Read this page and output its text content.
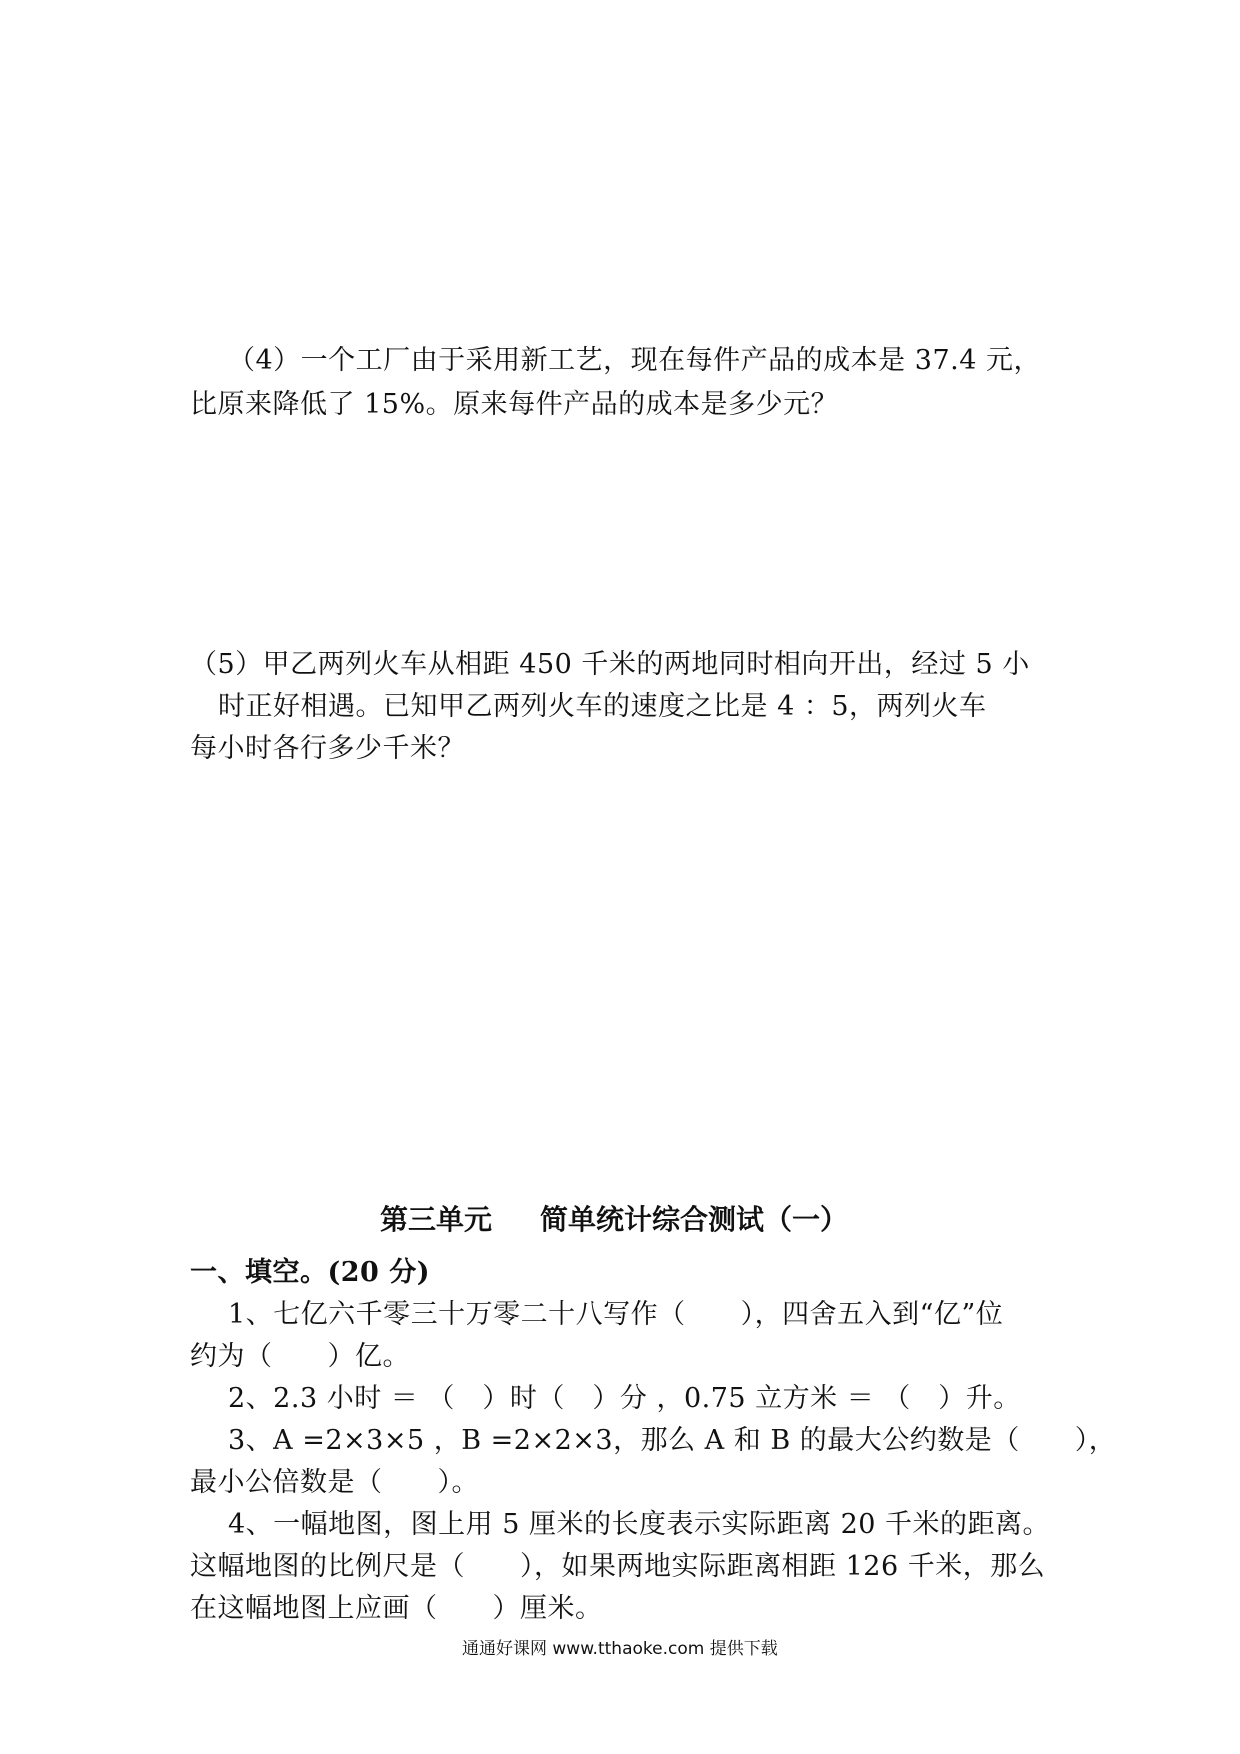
（4）一个工厂由于采用新工艺，现在每件产品的成本是 37.4 元，
比原来降低了 15%。原来每件产品的成本是多少元？
（5）甲乙两列火车从相距 450 千米的两地同时相向开出，经过 5 小
时正好相遇。已知甲乙两列火车的速度之比是 4 ：5，两列火车
每小时各行多少千米？
第三单元 简单统计综合测试（一）
一、填空。(20 分)
1、七亿六千零三十万零二十八写作（　　），四舍五入到“亿”位
约为（　　）亿。
2、2.3 小时 ＝ （　）时（　）分 ，0.75 立方米 ＝ （　）升。
3、A =2×3×5 ，B =2×2×3，那么 A 和 B 的最大公约数是（　　），
最小公倍数是（　　）。
4、一幅地图，图上用 5 厘米的长度表示实际距离 20 千米的距离。
这幅地图的比例尺是（　　），如果两地实际距离相距 126 千米，那么
在这幅地图上应画（　　）厘米。
通通好课网 www.tthaoke.com 提供下载
